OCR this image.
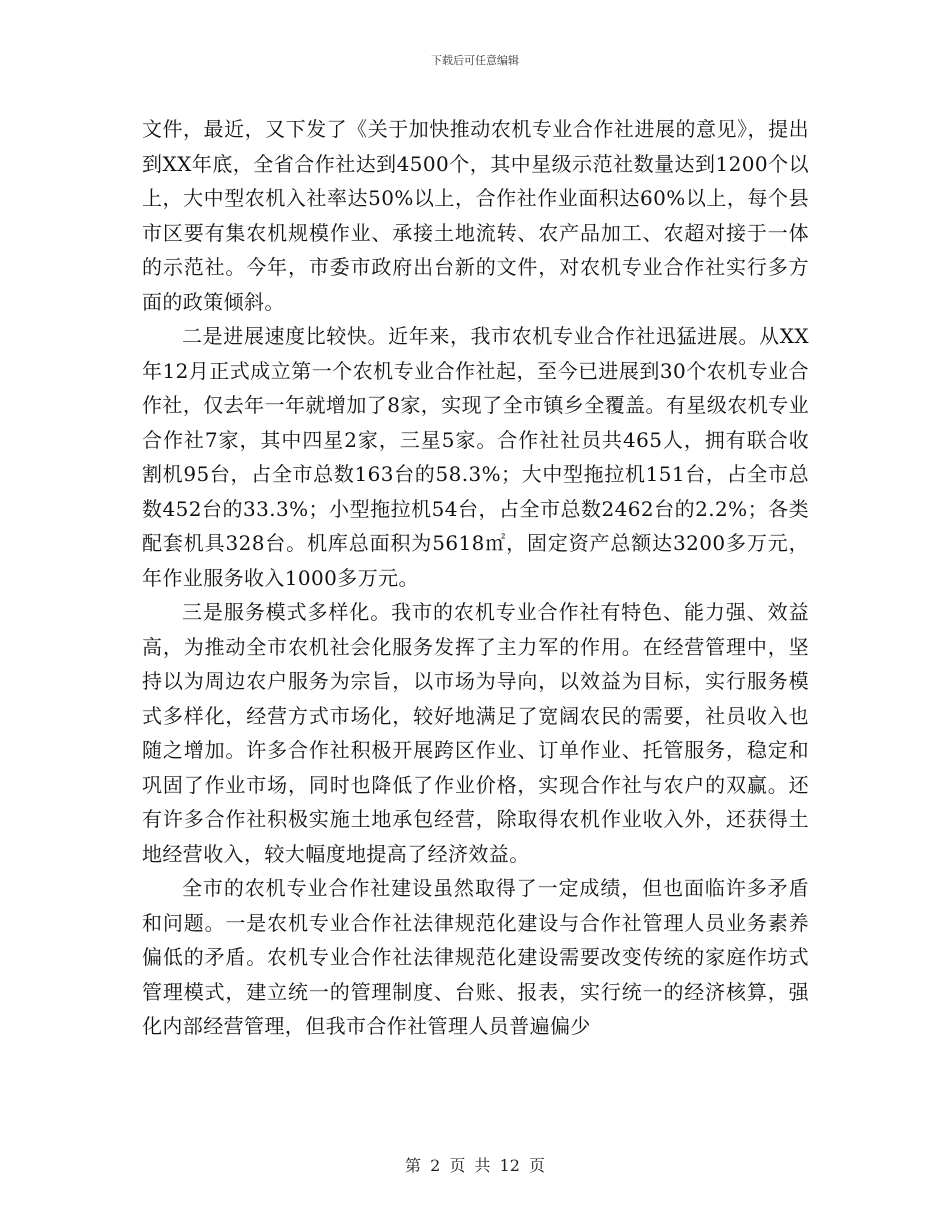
下载后可任意编辑

文件，最近，又下发了《关于加快推动农机专业合作社进展的意见》，提出到XX年底，全省合作社达到4500个，其中星级示范社数量达到1200个以上，大中型农机入社率达50%以上，合作社作业面积达60%以上，每个县市区要有集农机规模作业、承接土地流转、农产品加工、农超对接于一体的示范社。今年，市委市政府出台新的文件，对农机专业合作社实行多方面的政策倾斜。

二是进展速度比较快。近年来，我市农机专业合作社迅猛进展。从XX年12月正式成立第一个农机专业合作社起，至今已进展到30个农机专业合作社，仅去年一年就增加了8家，实现了全市镇乡全覆盖。有星级农机专业合作社7家，其中四星2家，三星5家。合作社社员共465人，拥有联合收割机95台，占全市总数163台的58.3%；大中型拖拉机151台，占全市总数452台的33.3%；小型拖拉机54台，占全市总数2462台的2.2%；各类配套机具328台。机库总面积为5618㎡，固定资产总额达3200多万元，年作业服务收入1000多万元。

三是服务模式多样化。我市的农机专业合作社有特色、能力强、效益高，为推动全市农机社会化服务发挥了主力军的作用。在经营管理中，坚持以为周边农户服务为宗旨，以市场为导向，以效益为目标，实行服务模式多样化，经营方式市场化，较好地满足了宽阔农民的需要，社员收入也随之增加。许多合作社积极开展跨区作业、订单作业、托管服务，稳定和巩固了作业市场，同时也降低了作业价格，实现合作社与农户的双赢。还有许多合作社积极实施土地承包经营，除取得农机作业收入外，还获得土地经营收入，较大幅度地提高了经济效益。

全市的农机专业合作社建设虽然取得了一定成绩，但也面临许多矛盾和问题。一是农机专业合作社法律规范化建设与合作社管理人员业务素养偏低的矛盾。农机专业合作社法律规范化建设需要改变传统的家庭作坊式管理模式，建立统一的管理制度、台账、报表，实行统一的经济核算，强化内部经营管理，但我市合作社管理人员普遍偏少

第 2 页 共 12 页
